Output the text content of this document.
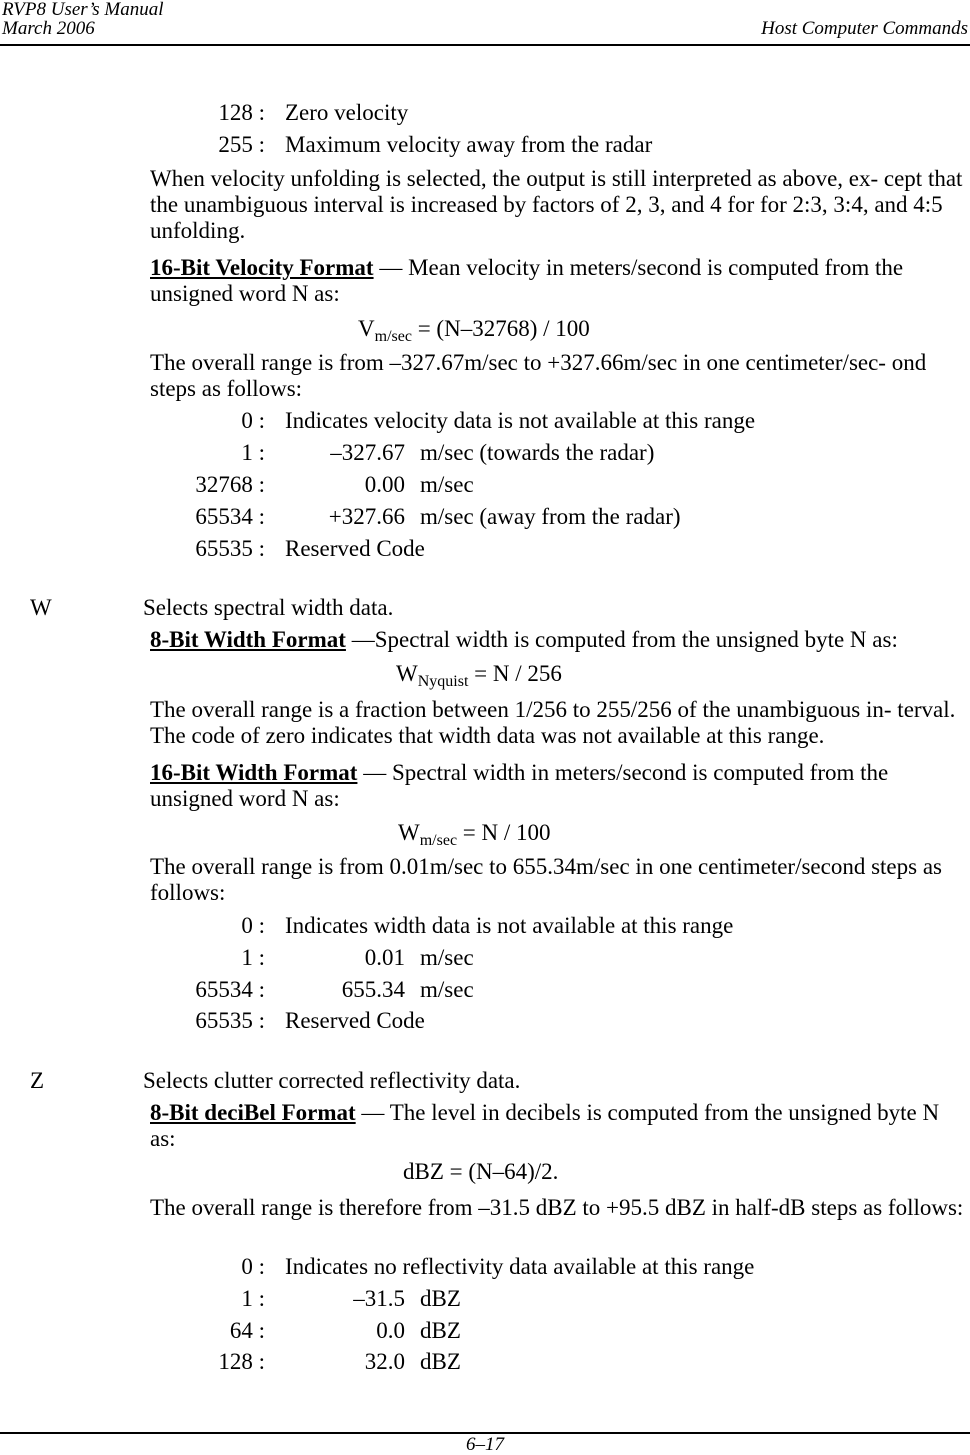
RVP8 User’s Manual
March 2006	Host Computer Commands
128 : Zero velocity
255 : Maximum velocity away from the radar
When velocity unfolding is selected, the output is still interpreted as above, ex- cept that the unambiguous interval is increased by factors of 2, 3, and 4 for for 2:3, 3:4, and 4:5 unfolding.
16-Bit Velocity Format — Mean velocity in meters/second is computed from the unsigned word N as:
$V_{m/sec} = (N-32768) / 100$
The overall range is from –327.67m/sec to +327.66m/sec in one centimeter/sec- ond steps as follows:
0 : Indicates velocity data is not available at this range
1 :	–327.67 m/sec (towards the radar)
32768 :	0.00 m/sec
65534 :	+327.66 m/sec (away from the radar)
65535 : Reserved Code
W	Selects spectral width data.
8-Bit Width Format —Spectral width is computed from the unsigned byte N as:
$W_{Nyquist} = N / 256$
The overall range is a fraction between 1/256 to 255/256 of the unambiguous in- terval. The code of zero indicates that width data was not available at this range.
16-Bit Width Format — Spectral width in meters/second is computed from the unsigned word N as:
$W_{m/sec} = N / 100$
The overall range is from 0.01m/sec to 655.34m/sec in one centimeter/second steps as follows:
0 : Indicates width data is not available at this range
1 :	0.01 m/sec
65534 :	655.34 m/sec
65535 : Reserved Code
Z	Selects clutter corrected reflectivity data.
8-Bit deciBel Format — The level in decibels is computed from the unsigned byte N as:
dBZ = (N–64)/2.
The overall range is therefore from –31.5 dBZ to +95.5 dBZ in half-dB steps as follows:
0 : Indicates no reflectivity data available at this range
1 :	–31.5 dBZ
64 :	0.0 dBZ
128 :	32.0 dBZ
6–17
